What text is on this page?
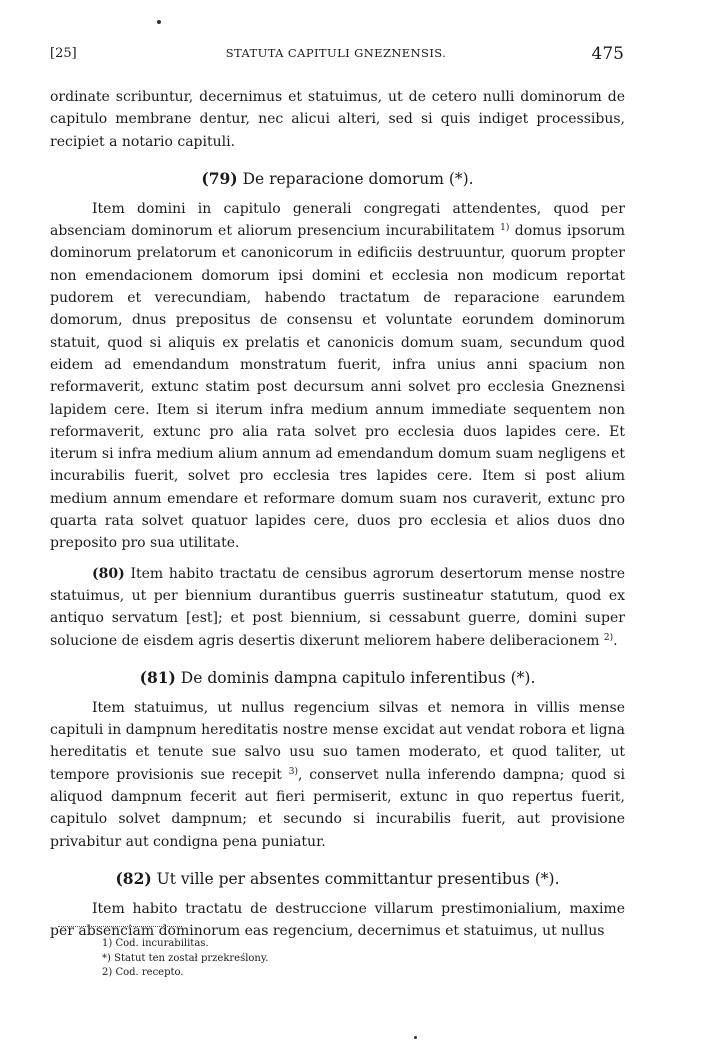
[25]	STATUTA CAPITULI GNEZNENSIS.	475

ordinate scribuntur, decernimus et statuimus, ut de cetero nulli dominorum de capitulo membrane dentur, nec alicui alteri, sed si quis indiget processibus, recipiet a notario capituli.

(79) De reparacione domorum (*).

Item domini in capitulo generali congregati attendentes, quod per absenciam dominorum et aliorum presencium incurabilitatem $^{1)}$ domus ipsorum dominorum prelatorum et canonicorum in edificiis destruuntur, quorum propter non emendacionem domorum ipsi domini et ecclesia non modicum reportat pudorem et verecundiam, habendo tractatum de reparacione earundem domorum, dnus prepositus de consensu et voluntate eorundem dominorum statuit, quod si aliquis ex prelatis et canonicis domum suam, secundum quod eidem ad emendandum monstratum fuerit, infra unius anni spacium non reformaverit, extunc statim post decursum anni solvet pro ecclesia Gneznensi lapidem cere. Item si iterum infra medium annum immediate sequentem non reformaverit, extunc pro alia rata solvet pro ecclesia duos lapides cere. Et iterum si infra medium alium annum ad emendandum domum suam negligens et incurabilis fuerit, solvet pro ecclesia tres lapides cere. Item si post alium medium annum emendare et reformare domum suam nos curaverit, extunc pro quarta rata solvet quatuor lapides cere, duos pro ecclesia et alios duos dno preposito pro sua utilitate.

(80) Item habito tractatu de censibus agrorum desertorum mense nostre statuimus, ut per biennium durantibus guerris sustineatur statutum, quod ex antiquo servatum [est]; et post biennium, si cessabunt guerre, domini super solucione de eisdem agris desertis dixerunt meliorem habere deliberacionem $^{2)}$.

(81) De dominis dampna capitulo inferentibus (*).

Item statuimus, ut nullus regencium silvas et nemora in villis mense capituli in dampnum hereditatis nostre mense excidat aut vendat robora et ligna hereditatis et tenute sue salvo usu suo tamen moderato, et quod taliter, ut tempore provisionis sue recepit $^{3)}$, conservet nulla inferendo dampna; quod si aliquod dampnum fecerit aut fieri permiserit, extunc in quo repertus fuerit, capitulo solvet dampnum; et secundo si incurabilis fuerit, aut provisione privabitur aut condigna pena puniatur.

(82) Ut ville per absentes committantur presentibus (*).

Item habito tractatu de destruccione villarum prestimonialium, maxime per absenciam dominorum eas regencium, decernimus et statuimus, ut nullus

1) Cod. incurabilitas.
*) Statut ten został przekreślony.
2) Cod. recepto.
